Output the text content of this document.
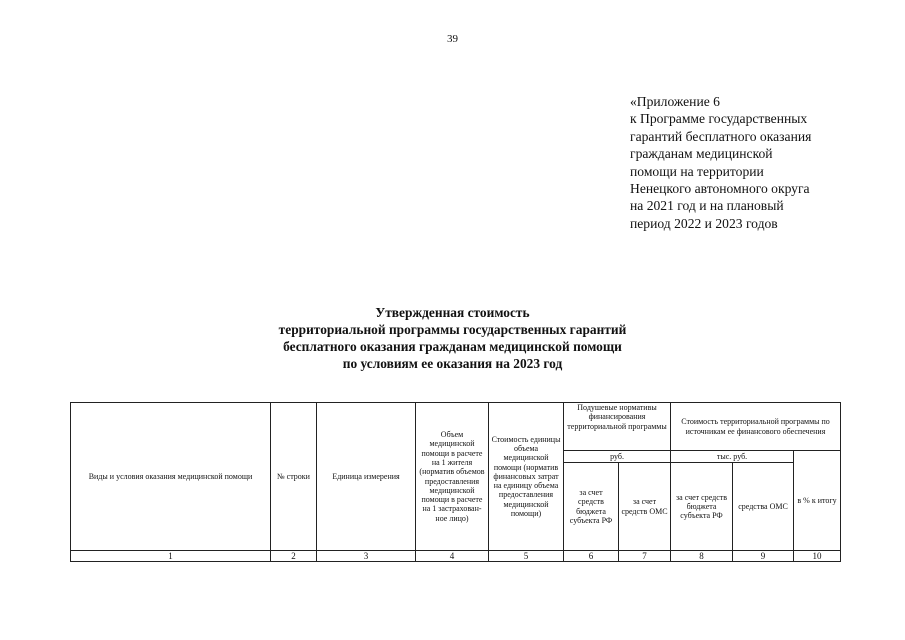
39
«Приложение 6
к Программе государственных
гарантий бесплатного оказания
гражданам медицинской
помощи на территории
Ненецкого автономного округа
на 2021 год и на плановый
период 2022 и 2023 годов
Утвержденная стоимость
территориальной программы государственных гарантий
бесплатного оказания гражданам медицинской помощи
по условиям ее оказания на 2023 год
Виды и условия оказания медицинской помощи	№ строки	Единица измерения	Объем медицинской помощи в расчете на 1 жителя (норматив объемов предоставления медицинской помощи в расчете на 1 застрахован-ное лицо)	Стоимость единицы объема медицинской помощи (норматив финансовых затрат на единицу объема предоставления медицинской помощи)	Подушевые нормативы финансирования территориальной программы		Стоимость территориальной программы по источникам ее финансового обеспечения		
					руб.		тыс. руб.		в % к итогу
					за счет средств бюджета субъекта РФ	за счет средств ОМС	за счет средств бюджета субъекта РФ	средства ОМС	
1	2	3	4	5	6	7	8	9	10
